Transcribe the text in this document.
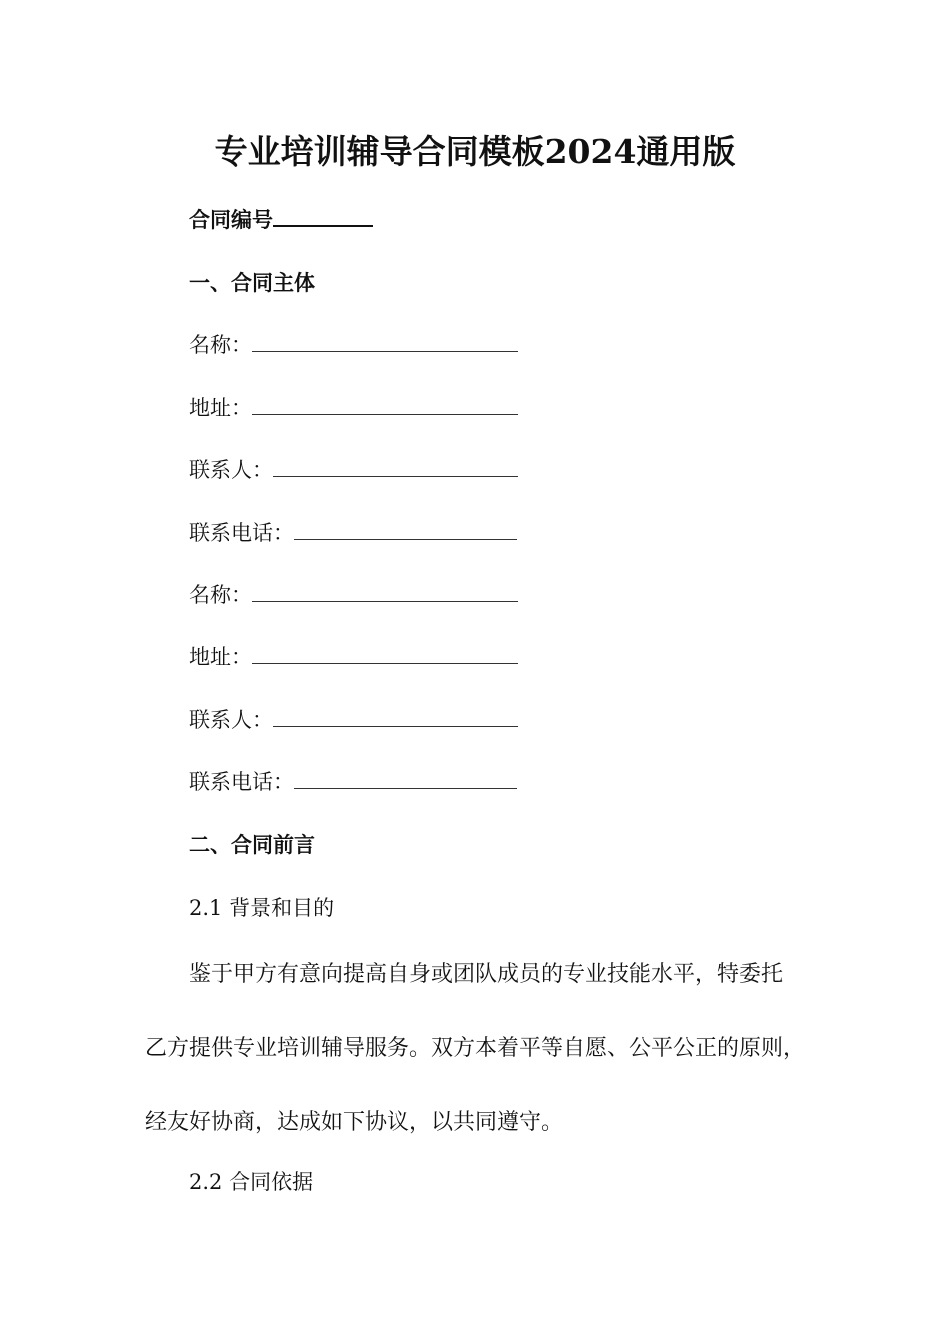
专业培训辅导合同模板2024通用版
合同编号
一、合同主体
名称：
地址：
联系人：
联系电话：
名称：
地址：
联系人：
联系电话：
二、合同前言
2.1 背景和目的
鉴于甲方有意向提高自身或团队成员的专业技能水平，特委托
乙方提供专业培训辅导服务。双方本着平等自愿、公平公正的原则，
经友好协商，达成如下协议，以共同遵守。
2.2 合同依据
